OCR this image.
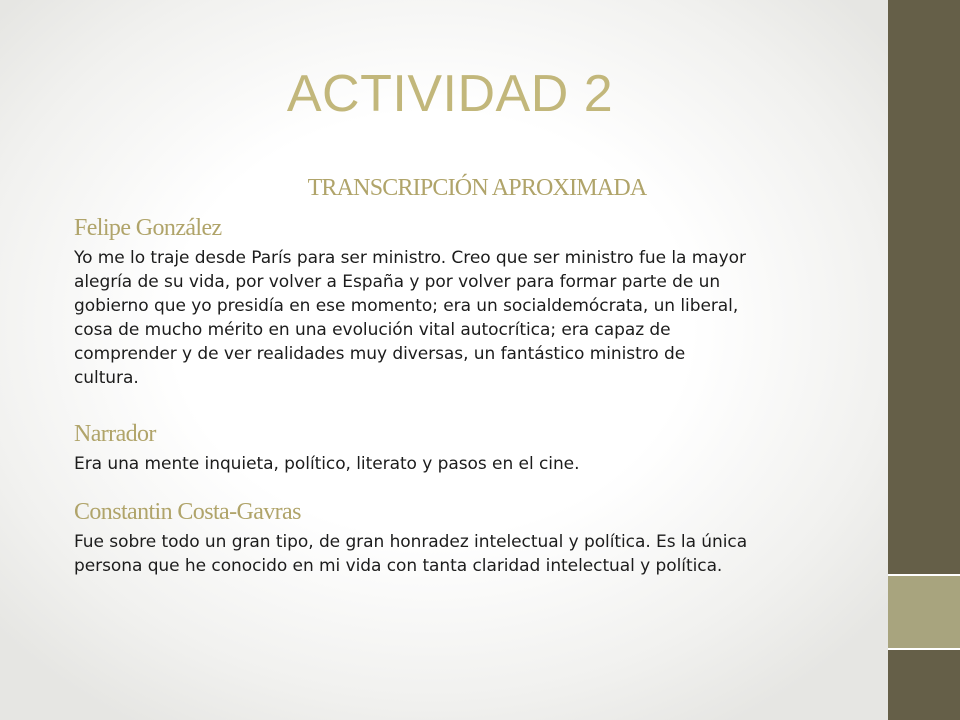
ACTIVIDAD 2
TRANSCRIPCIÓN APROXIMADA
Felipe González
Yo me lo traje desde París para ser ministro. Creo que ser ministro fue la mayor
alegría de su vida, por volver a España y por volver para formar parte de un
gobierno que yo presidía en ese momento; era un socialdemócrata, un liberal,
cosa de mucho mérito en una evolución vital autocrítica; era capaz de
comprender y de ver realidades muy diversas, un fantástico ministro de
cultura.
Narrador
Era una mente inquieta, político, literato y pasos en el cine.
Constantin Costa-Gavras
Fue sobre todo un gran tipo, de gran honradez intelectual y política. Es la única
persona que he conocido en mi vida con tanta claridad intelectual y política.
